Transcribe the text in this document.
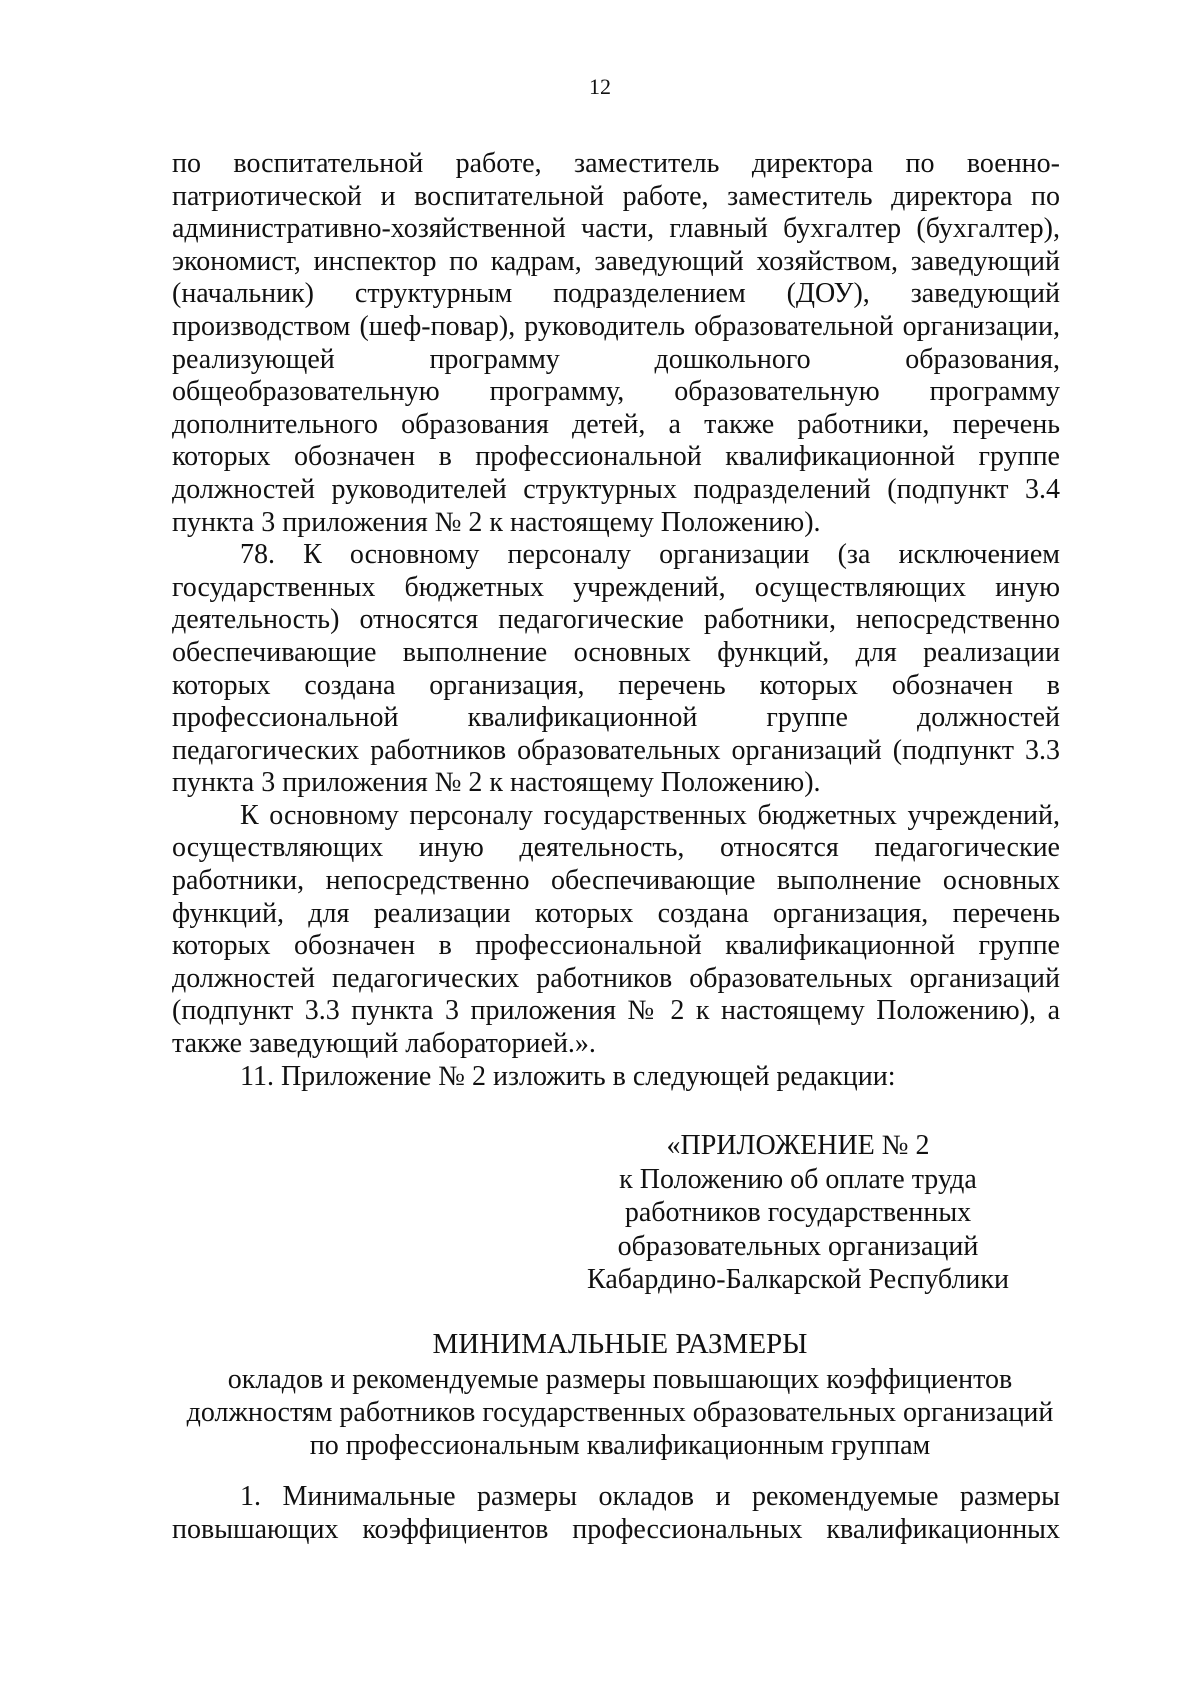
12

по воспитательной работе, заместитель директора по военно-патриотической и воспитательной работе, заместитель директора по административно-хозяйственной части, главный бухгалтер (бухгалтер), экономист, инспектор по кадрам, заведующий хозяйством, заведующий (начальник) структурным подразделением (ДОУ), заведующий производством (шеф-повар), руководитель образовательной организации, реализующей программу дошкольного образования, общеобразовательную программу, образовательную программу дополнительного образования детей, а также работники, перечень которых обозначен в профессиональной квалификационной группе должностей руководителей структурных подразделений (подпункт 3.4 пункта 3 приложения № 2 к настоящему Положению).

78. К основному персоналу организации (за исключением государственных бюджетных учреждений, осуществляющих иную деятельность) относятся педагогические работники, непосредственно обеспечивающие выполнение основных функций, для реализации которых создана организация, перечень которых обозначен в профессиональной квалификационной группе должностей педагогических работников образовательных организаций (подпункт 3.3 пункта 3 приложения № 2 к настоящему Положению).

К основному персоналу государственных бюджетных учреждений, осуществляющих иную деятельность, относятся педагогические работники, непосредственно обеспечивающие выполнение основных функций, для реализации которых создана организация, перечень которых обозначен в профессиональной квалификационной группе должностей педагогических работников образовательных организаций (подпункт 3.3 пункта 3 приложения № 2 к настоящему Положению), а также заведующий лабораторией.».

11. Приложение № 2 изложить в следующей редакции:

«ПРИЛОЖЕНИЕ № 2
к Положению об оплате труда
работников государственных
образовательных организаций
Кабардино-Балкарской Республики
МИНИМАЛЬНЫЕ РАЗМЕРЫ
окладов и рекомендуемые размеры повышающих коэффициентов
должностям работников государственных образовательных организаций
по профессиональным квалификационным группам

1. Минимальные размеры окладов и рекомендуемые размеры повышающих коэффициентов профессиональных квалификационных
